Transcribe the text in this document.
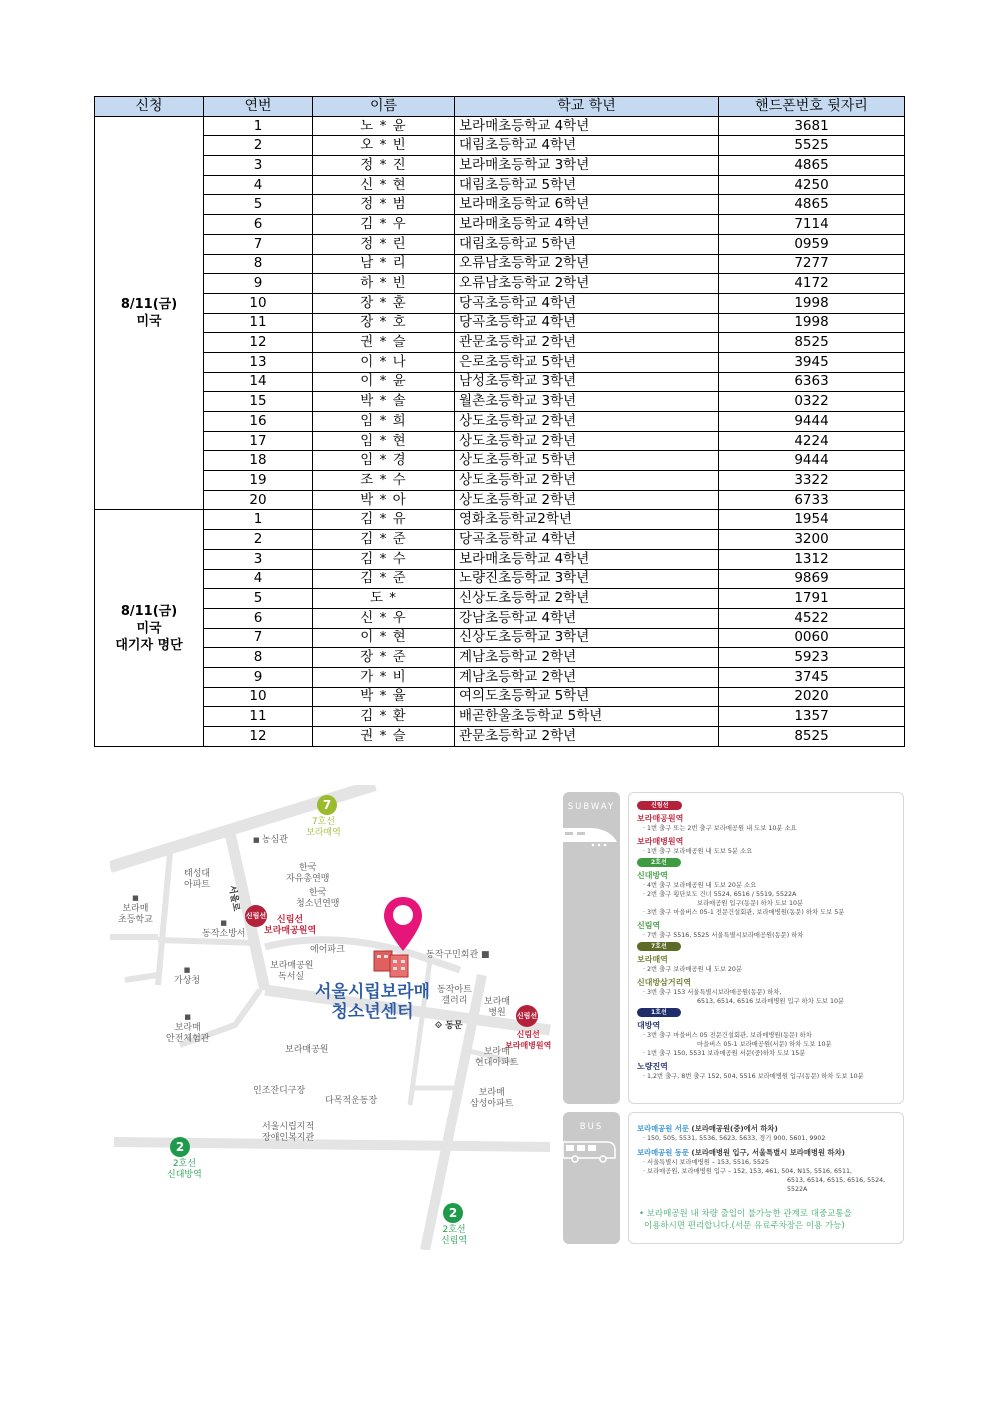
신청	연번	이름	학교 학년	핸드폰번호 뒷자리

8/11(금)
미국	1	노 * 윤	보라매초등학교 4학년	3681
	2	오 * 빈	대림초등학교 4학년	5525
	3	정 * 진	보라매초등학교 3학년	4865
	4	신 * 현	대림초등학교 5학년	4250
	5	정 * 범	보라매초등학교 6학년	4865
	6	김 * 우	보라매초등학교 4학년	7114
	7	정 * 린	대림초등학교 5학년	0959
	8	남 * 리	오류남초등학교 2학년	7277
	9	하 * 빈	오류남초등학교 2학년	4172
	10	장 * 훈	당곡초등학교 4학년	1998
	11	장 * 호	당곡초등학교 4학년	1998
	12	권 * 슬	관문초등학교 2학년	8525
	13	이 * 나	은로초등학교 5학년	3945
	14	이 * 윤	남성초등학교 3학년	6363
	15	박 * 솔	월촌초등학교 3학년	0322
	16	임 * 희	상도초등학교 2학년	9444
	17	임 * 현	상도초등학교 2학년	4224
	18	임 * 경	상도초등학교 5학년	9444
	19	조 * 수	상도초등학교 2학년	3322
	20	박 * 아	상도초등학교 2학년	6733

8/11(금)
미국
대기자 명단	1	김 * 유	영화초등학교2학년	1954
	2	김 * 준	당곡초등학교 4학년	3200
	3	김 * 수	보라매초등학교 4학년	1312
	4	김 * 준	노량진초등학교 3학년	9869
	5	도 *	신상도초등학교 2학년	1791
	6	신 * 우	강남초등학교 4학년	4522
	7	이 * 현	신상도초등학교 3학년	0060
	8	장 * 준	계남초등학교 2학년	5923
	9	가 * 비	계남초등학교 2학년	3745
	10	박 * 율	여의도초등학교 5학년	2020
	11	김 * 환	배곧한울초등학교 5학년	1357
	12	권 * 슬	관문초등학교 2학년	8525
7
7호선
보라매역
신림선	신림선
보라매공원역
신림선
신림선
보라매병원역
2
2호선
신대방역
2
2호선
신림역
■ 농심관
태성대
아파트
■ 보라매
초등학교
한국
자유총연맹
한국
청소년연맹
서울로
■ 동작소방서
에어파크
보라매공원
독서실
■ 가상청
동작구민회관 ■
동작아트
갤러리	보라매
병원
⟐ 동문
■ 보라매
안전체험관
보라매공원	보라매
현대아파트
인조잔디구장
다목적운동장
보라매
삼성아파트
서울시립지적
장애인복지관
서울시립보라매
청소년센터
SUBWAY	신림선
보라매공원역
· 1번 출구 또는 2번 출구 보라매공원 내 도보 10분 소요
보라매병원역
· 1번 출구 보라매공원 내 도보 5분 소요
2호선
신대방역
· 4번 출구 보라매공원 내 도보 20분 소요
· 2번 출구 횡단보도 건너 5524, 6516 / 5519, 5522A
보라매공원 입구(동문) 하차 도보 10분
· 3번 출구 마을버스 05-1 전문건설회관, 보라매병원(동문) 하차 도보 5분
신림역
· 7번 출구 5516, 5525 서울특별시보라매공원(동문) 하차
7호선
보라매역
· 2번 출구 보라매공원 내 도보 20분
신대방삼거리역
· 3번 출구 153 서울특별시보라매공원(동문) 하차,
6513, 6514, 6516 보라매병원 입구 하차 도보 10분
1호선
대방역
· 3번 출구 마을버스 05 전문건설회관, 보라매병원(동문) 하차
마을버스 05-1 보라매공원(서문) 하차 도보 10분
· 1번 출구 150, 5531 보라매공원 서문(중)하차 도보 15분
노량진역
· 1,2번 출구, 8번 출구 152, 504, 5516 보라매병원 입구(동문) 하차 도보 10분
BUS	보라매공원 서문 (보라매공원(중)에서 하차)
· 150, 505, 5531, 5536, 5623, 5633, 경기 900, 5601, 9902
보라매공원 동문 (보라매병원 입구, 서울특별시 보라매병원 하차)
· 서울특별시 보라매병원 – 153, 5516, 5525
· 보라매공원, 보라매병원 입구 – 152, 153, 461, 504, N15, 5516, 6511,
6513, 6514, 6515, 6516, 5524, 5522A
• 보라매공원 내 차량 출입이 불가능한 관계로 대중교통을
이용하시면 편리합니다.(서문 유료주차장은 이용 가능)
